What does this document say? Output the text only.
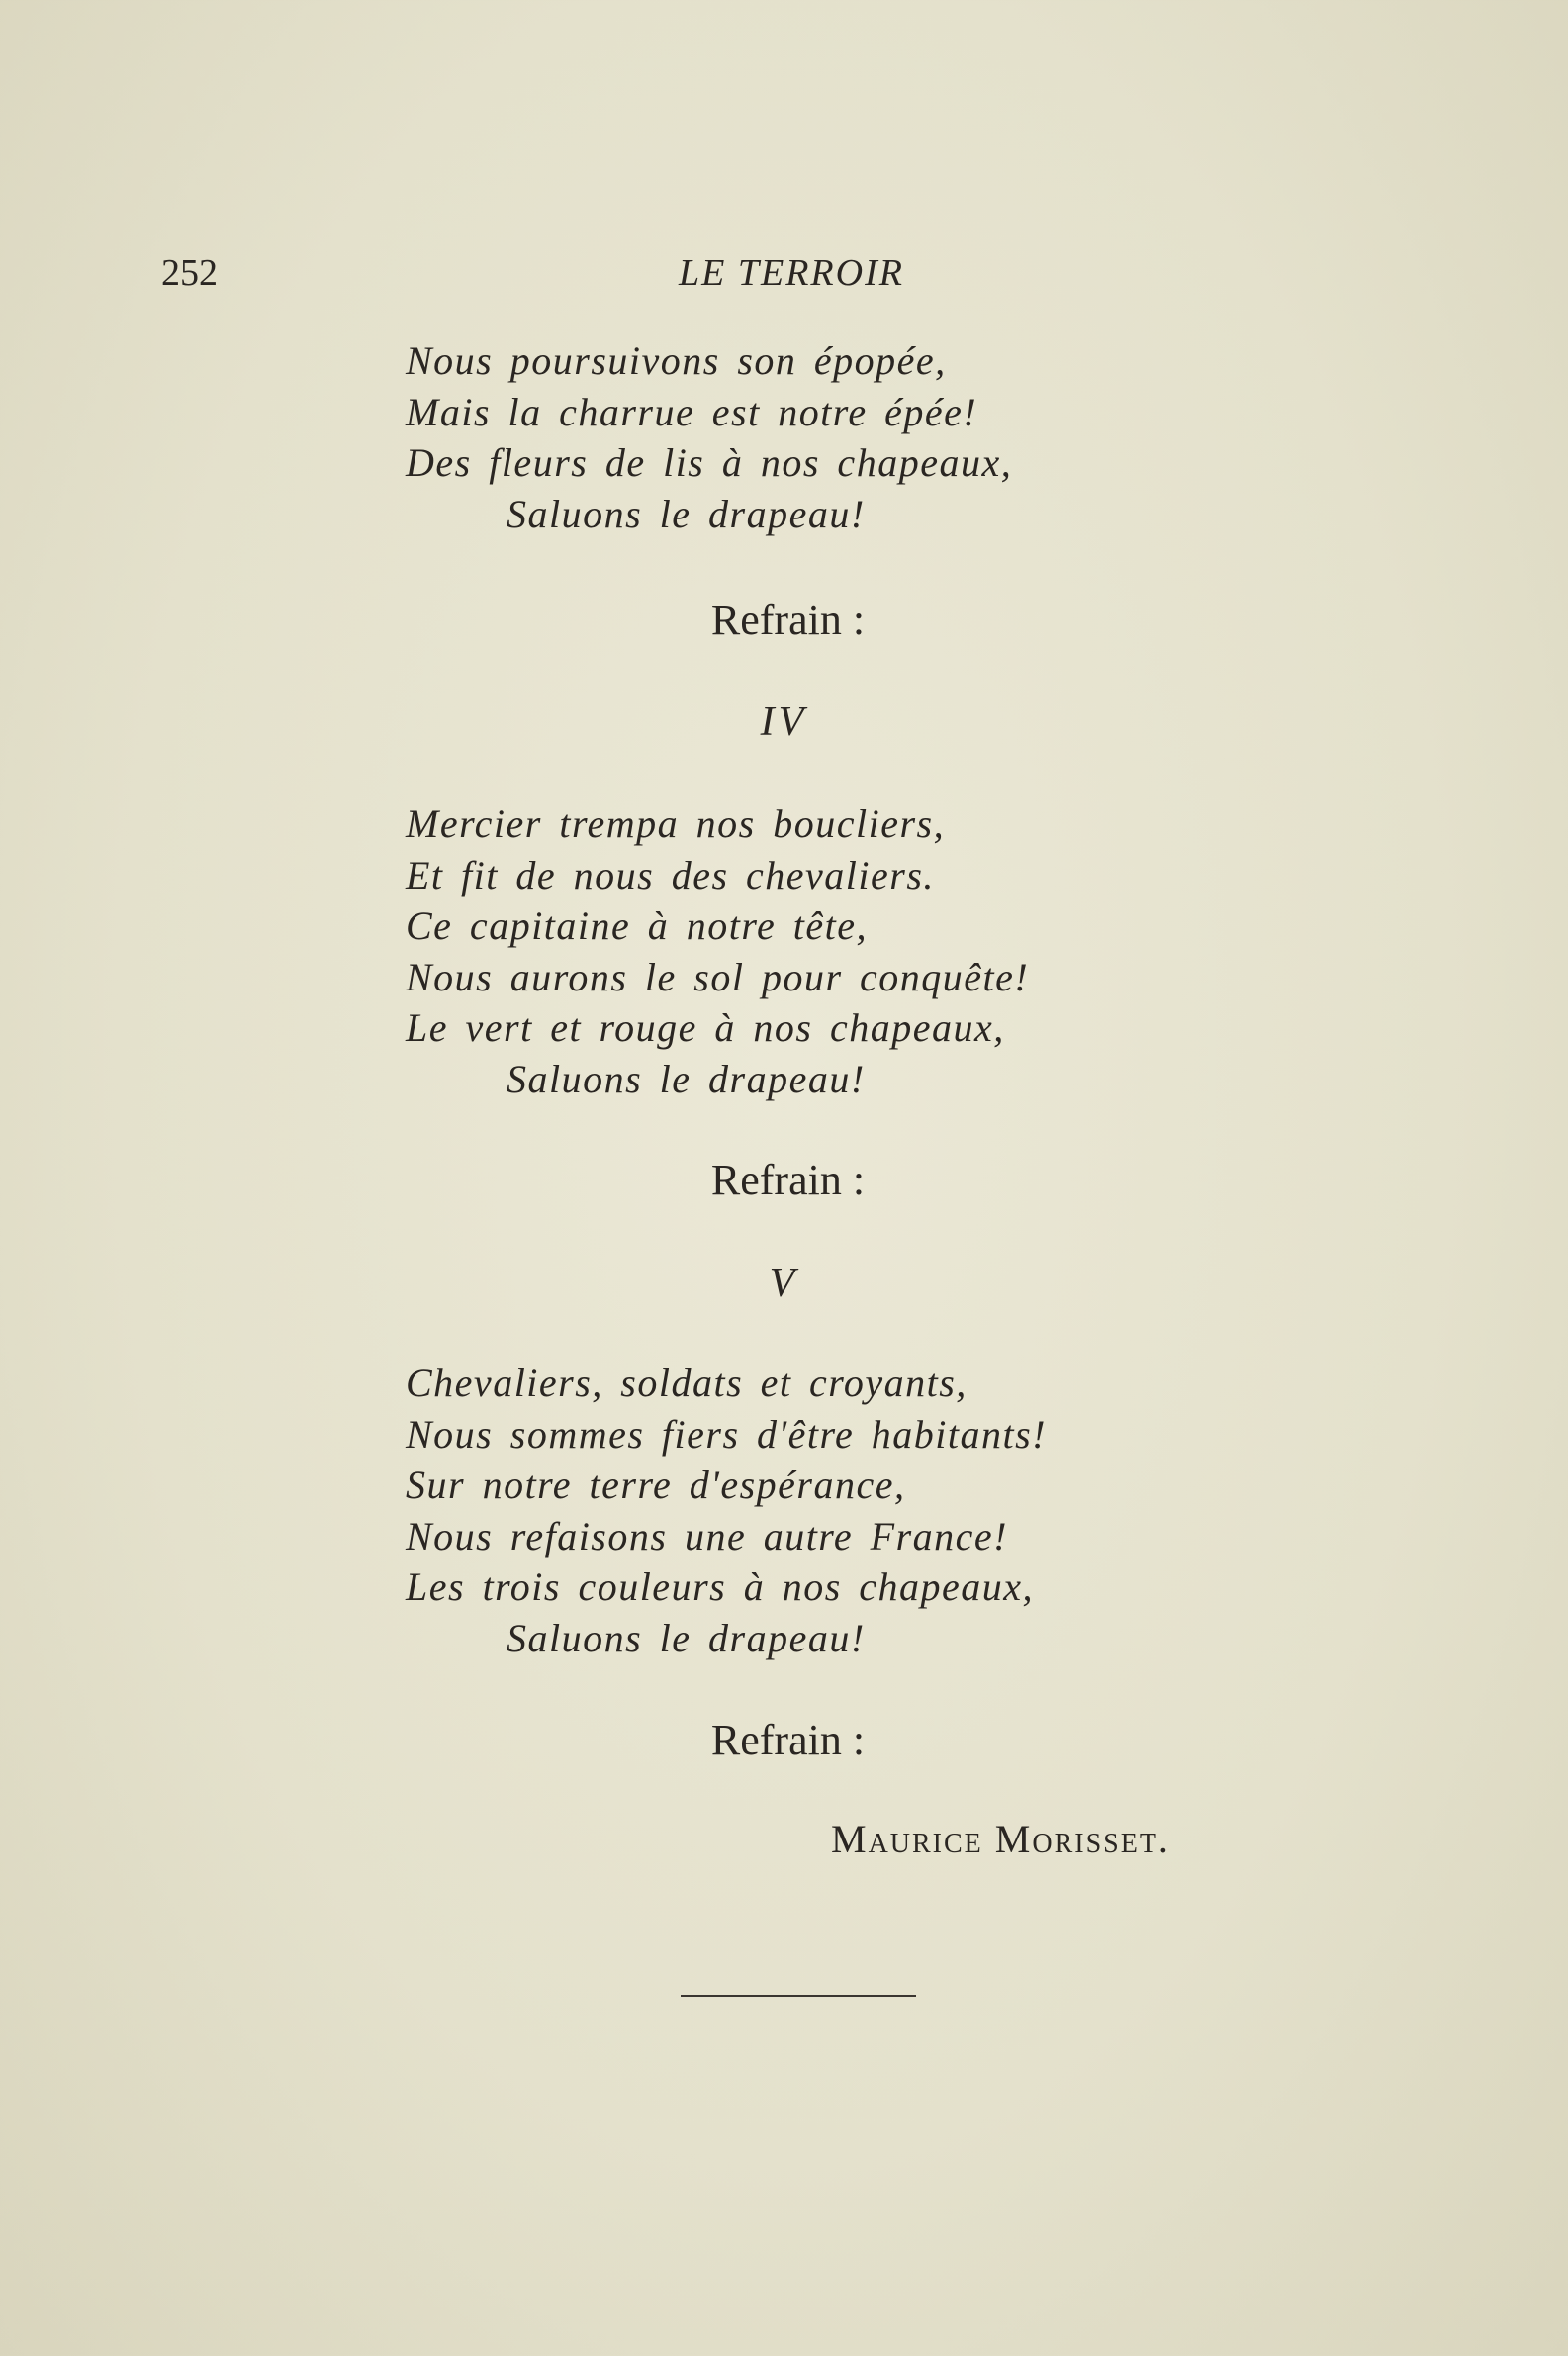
252	LE TERROIR
Nous poursuivons son épopée,
Mais la charrue est notre épée!
Des fleurs de lis à nos chapeaux,
Saluons le drapeau!
Refrain :
IV
Mercier trempa nos boucliers,
Et fit de nous des chevaliers.
Ce capitaine à notre tête,
Nous aurons le sol pour conquête!
Le vert et rouge à nos chapeaux,
Saluons le drapeau!
Refrain :
V
Chevaliers, soldats et croyants,
Nous sommes fiers d'être habitants!
Sur notre terre d'espérance,
Nous refaisons une autre France!
Les trois couleurs à nos chapeaux,
Saluons le drapeau!
Refrain :
Maurice Morisset.
